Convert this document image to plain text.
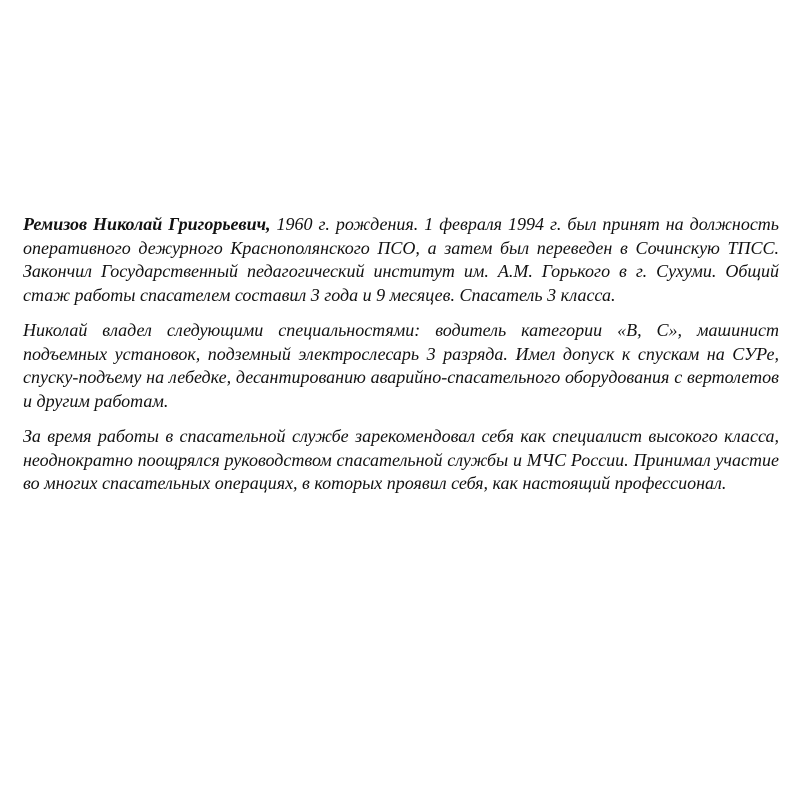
Ремизов Николай Григорьевич, 1960 г. рождения. 1 февраля 1994 г. был принят на должность оперативного дежурного Краснополянского ПСО, а затем был переведен в Сочинскую ТПСС. Закончил Государственный педагогический институт им. А.М. Горького в г. Сухуми. Общий стаж работы спасателем составил 3 года и 9 месяцев. Спасатель 3 класса.

Николай владел следующими специальностями: водитель категории «В, С», машинист подъемных установок, подземный электрослесарь 3 разряда. Имел допуск к спускам на СУРе, спуску-подъему на лебедке, десантированию аварийно-спасательного оборудования с вертолетов и другим работам.

За время работы в спасательной службе зарекомендовал себя как специалист высокого класса, неоднократно поощрялся руководством спасательной службы и МЧС России. Принимал участие во многих спасательных операциях, в которых проявил себя, как настоящий профессионал.
